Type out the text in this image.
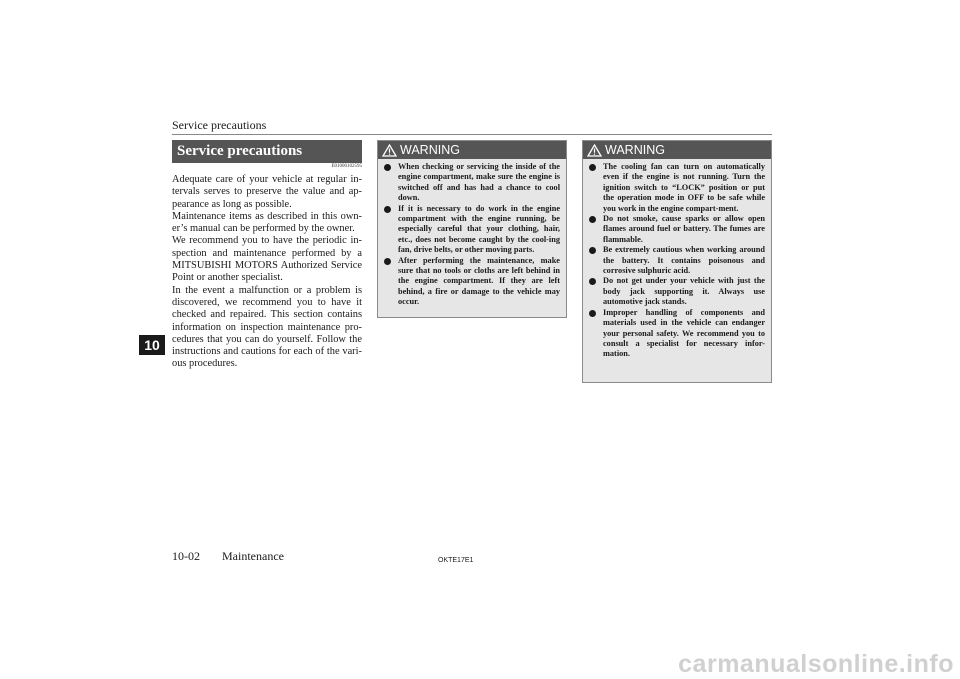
Service precautions
10
Service precautions
E01000102595

Adequate care of your vehicle at regular in-tervals serves to preserve the value and ap-pearance as long as possible.

Maintenance items as described in this own-er’s manual can be performed by the owner.

We recommend you to have the periodic in-spection and maintenance performed by a MITSUBISHI MOTORS Authorized Service Point or another specialist.

In the event a malfunction or a problem is discovered, we recommend you to have it checked and repaired. This section contains information on inspection maintenance pro-cedures that you can do yourself. Follow the instructions and cautions for each of the vari-ous procedures.

WARNING
When checking or servicing the inside of the engine compartment, make sure the engine is switched off and has had a chance to cool down.
If it is necessary to do work in the engine compartment with the engine running, be especially careful that your clothing, hair, etc., does not become caught by the cool-ing fan, drive belts, or other moving parts.
After performing the maintenance, make sure that no tools or cloths are left behind in the engine compartment. If they are left behind, a fire or damage to the vehicle may occur.
WARNING
The cooling fan can turn on automatically even if the engine is not running. Turn the ignition switch to “LOCK” position or put the operation mode in OFF to be safe while you work in the engine compart-ment.
Do not smoke, cause sparks or allow open flames around fuel or battery. The fumes are flammable.
Be extremely cautious when working around the battery. It contains poisonous and corrosive sulphuric acid.
Do not get under your vehicle with just the body jack supporting it. Always use automotive jack stands.
Improper handling of components and materials used in the vehicle can endanger your personal safety. We recommend you to consult a specialist for necessary infor-mation.
10-02 Maintenance	OKTE17E1
carmanualsonline.info
